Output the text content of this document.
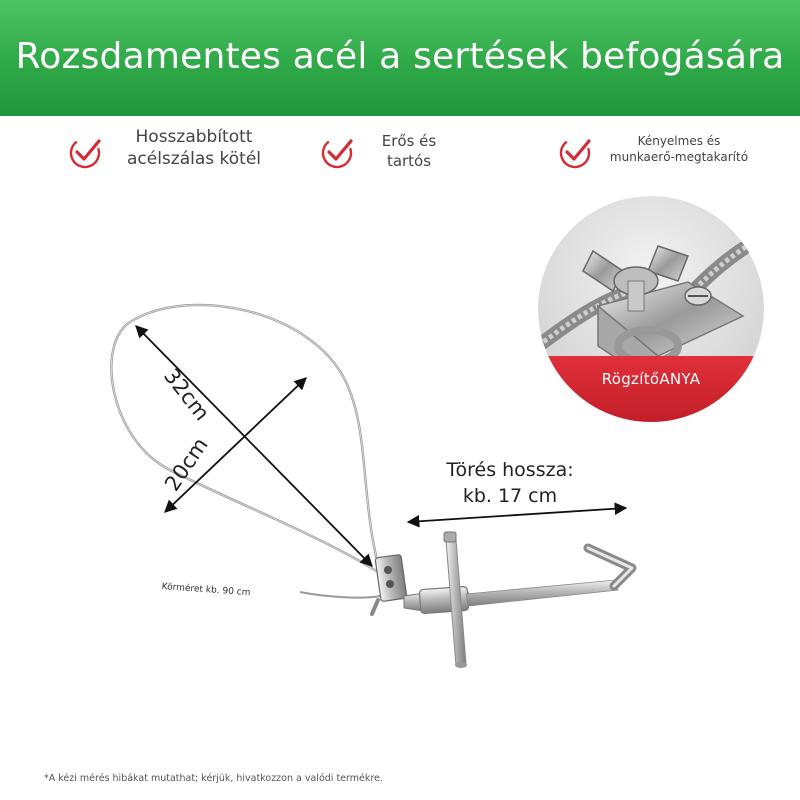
Rozsdamentes acél a sertések befogására
Hosszabbított
acélszálas kötél
Erős és
tartós
Kényelmes és
munkaerő-megtakarító
RögzítőANYA
32cm
20cm	Törés hossza:
kb. 17 cm
Körméret kb. 90 cm
*A kézi mérés hibákat mutathat; kérjük, hivatkozzon a valódi termékre.
